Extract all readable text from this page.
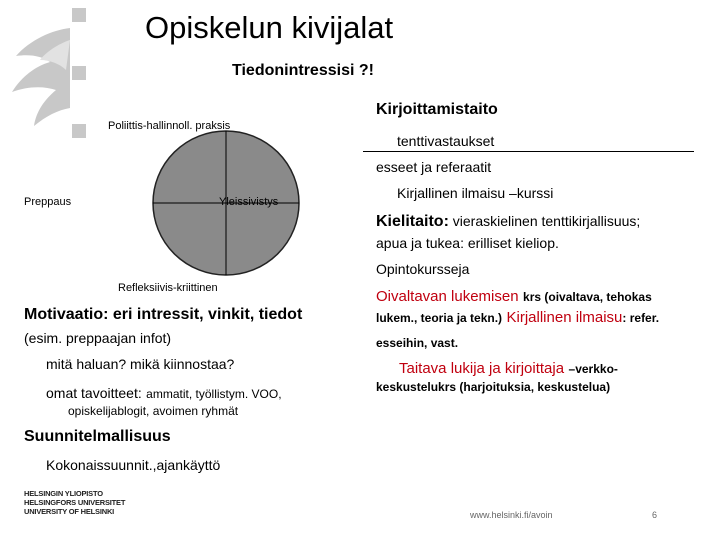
Opiskelun kivijalat
Tiedonintressisi ?!
Poliittis-hallinnoll. praksis
Preppaus	Yleissivistys
Refleksiivis-kriittinen
Kirjoittamistaito
tenttivastaukset
esseet ja referaatit
Kirjallinen ilmaisu –kurssi
Kielitaito: vieraskielinen tenttikirjallisuus;
apua ja tukea: erilliset kieliop.
Opintokursseja
Oivaltavan lukemisen krs (oivaltava, tehokas
lukem., teoria ja tekn.) Kirjallinen ilmaisu: refer.
esseihin, vast.
Taitava lukija ja kirjoittaja –verkko-
keskustelukrs (harjoituksia, keskustelua)
Motivaatio: eri intressit, vinkit, tiedot
(esim. preppaajan infot)
mitä haluan? mikä kiinnostaa?
omat tavoitteet: ammatit, työllistym. VOO,
opiskelijablogit, avoimen ryhmät
Suunnitelmallisuus
Kokonaissuunnit.,ajankäyttö
HELSINGIN YLIOPISTO
HELSINGFORS UNIVERSITET
UNIVERSITY OF HELSINKI	www.helsinki.fi/avoin	6
